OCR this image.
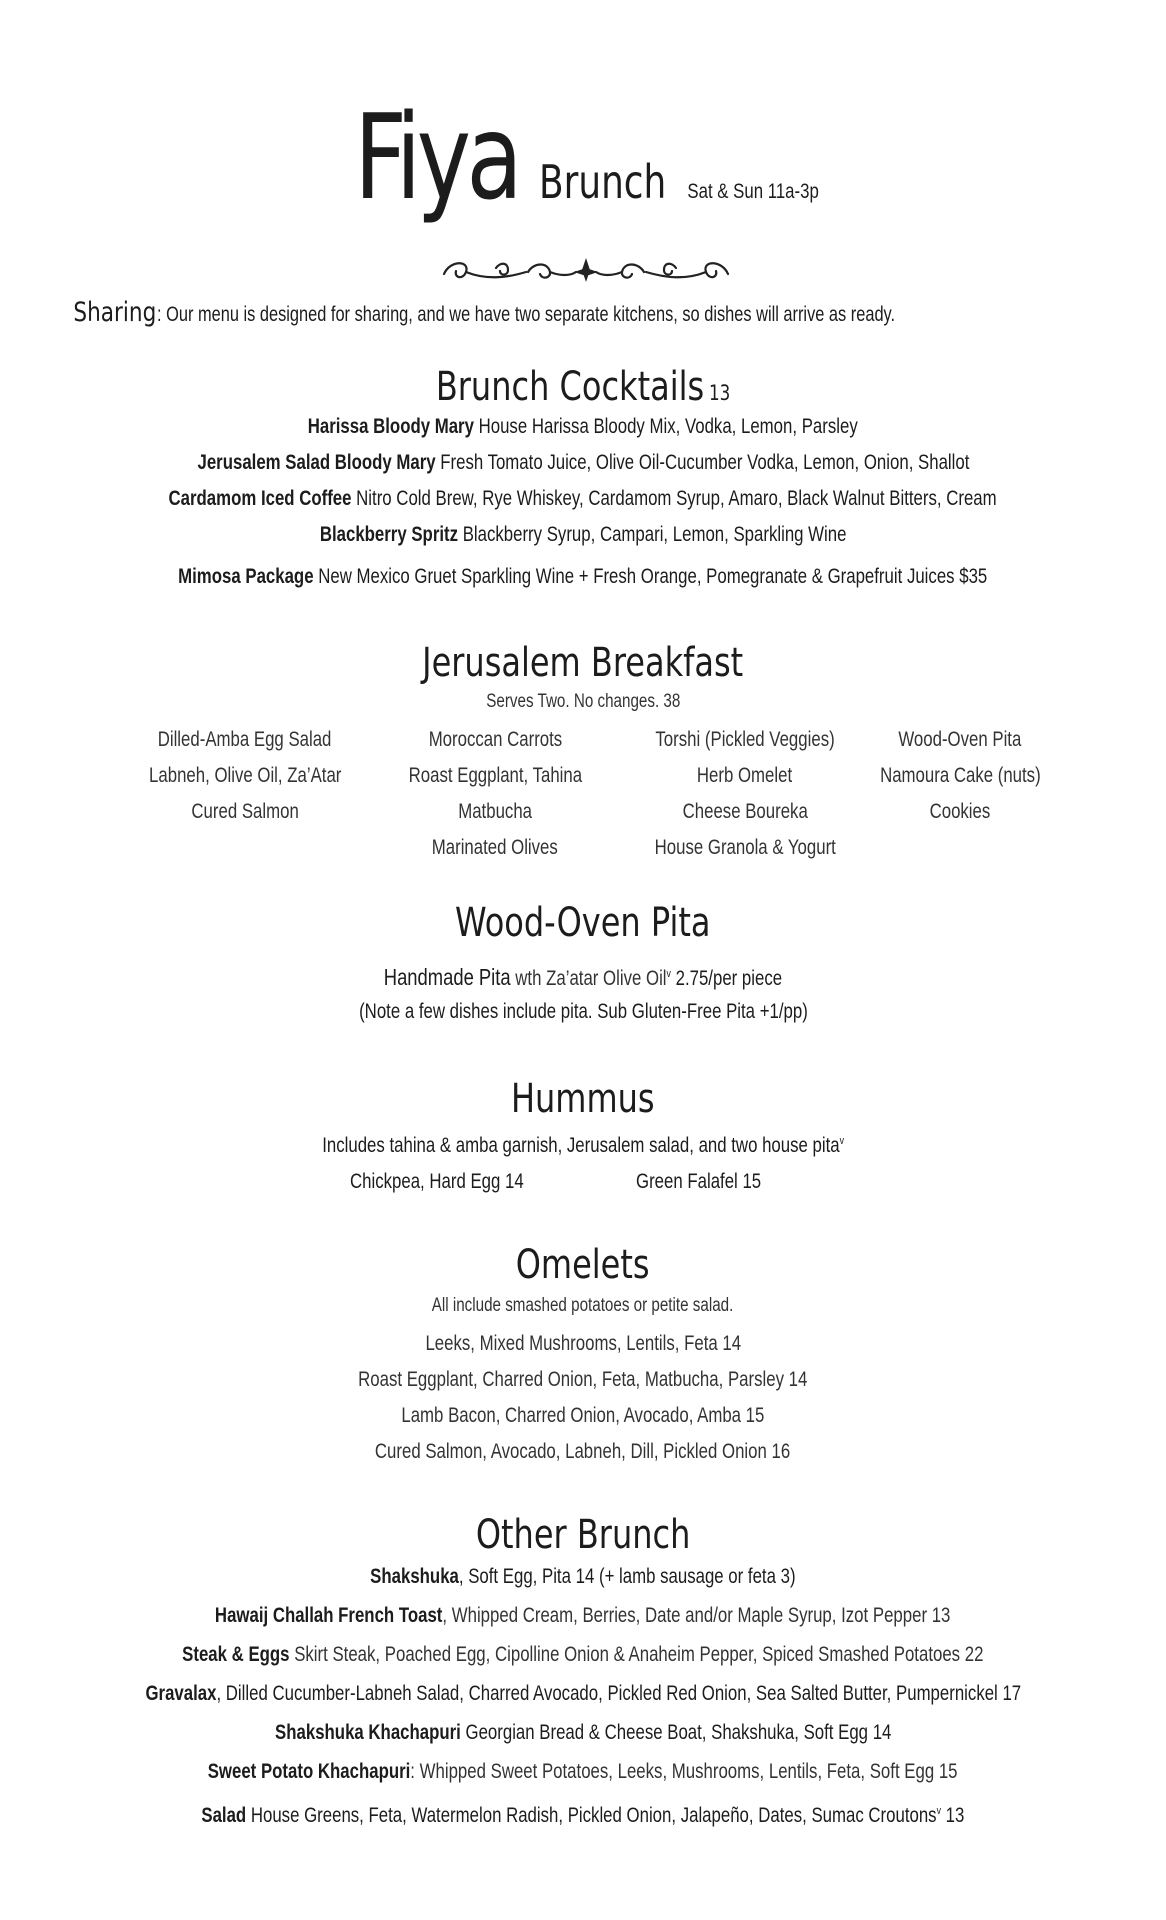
Fiya Brunch Sat & Sun 11a-3p
Sharing: Our menu is designed for sharing, and we have two separate kitchens, so dishes will arrive as ready.
Brunch Cocktails 13
Harissa Bloody Mary House Harissa Bloody Mix, Vodka, Lemon, Parsley
Jerusalem Salad Bloody Mary Fresh Tomato Juice, Olive Oil-Cucumber Vodka, Lemon, Onion, Shallot
Cardamom Iced Coffee Nitro Cold Brew, Rye Whiskey, Cardamom Syrup, Amaro, Black Walnut Bitters, Cream
Blackberry Spritz Blackberry Syrup, Campari, Lemon, Sparkling Wine
Mimosa Package New Mexico Gruet Sparkling Wine + Fresh Orange, Pomegranate & Grapefruit Juices $35
Jerusalem Breakfast
Serves Two. No changes. 38
Dilled-Amba Egg Salad
Labneh, Olive Oil, Za’Atar
Cured Salmon
Moroccan Carrots
Roast Eggplant, Tahina
Matbucha
Marinated Olives
Torshi (Pickled Veggies)
Herb Omelet
Cheese Boureka
House Granola & Yogurt
Wood-Oven Pita
Namoura Cake (nuts)
Cookies
Wood-Oven Pita
Handmade Pita wth Za’atar Olive Oil$^v$ 2.75/per piece
(Note a few dishes include pita. Sub Gluten-Free Pita +1/pp)
Hummus
Includes tahina & amba garnish, Jerusalem salad, and two house pita$^v$
Chickpea, Hard Egg 14	Green Falafel 15
Omelets
All include smashed potatoes or petite salad.
Leeks, Mixed Mushrooms, Lentils, Feta 14
Roast Eggplant, Charred Onion, Feta, Matbucha, Parsley 14
Lamb Bacon, Charred Onion, Avocado, Amba 15
Cured Salmon, Avocado, Labneh, Dill, Pickled Onion 16
Other Brunch
Shakshuka, Soft Egg, Pita 14 (+ lamb sausage or feta 3)
Hawaij Challah French Toast, Whipped Cream, Berries, Date and/or Maple Syrup, Izot Pepper 13
Steak & Eggs Skirt Steak, Poached Egg, Cipolline Onion & Anaheim Pepper, Spiced Smashed Potatoes 22
Gravalax, Dilled Cucumber-Labneh Salad, Charred Avocado, Pickled Red Onion, Sea Salted Butter, Pumpernickel 17
Shakshuka Khachapuri Georgian Bread & Cheese Boat, Shakshuka, Soft Egg 14
Sweet Potato Khachapuri: Whipped Sweet Potatoes, Leeks, Mushrooms, Lentils, Feta, Soft Egg 15
Salad House Greens, Feta, Watermelon Radish, Pickled Onion, Jalapeño, Dates, Sumac Croutons$^v$ 13
